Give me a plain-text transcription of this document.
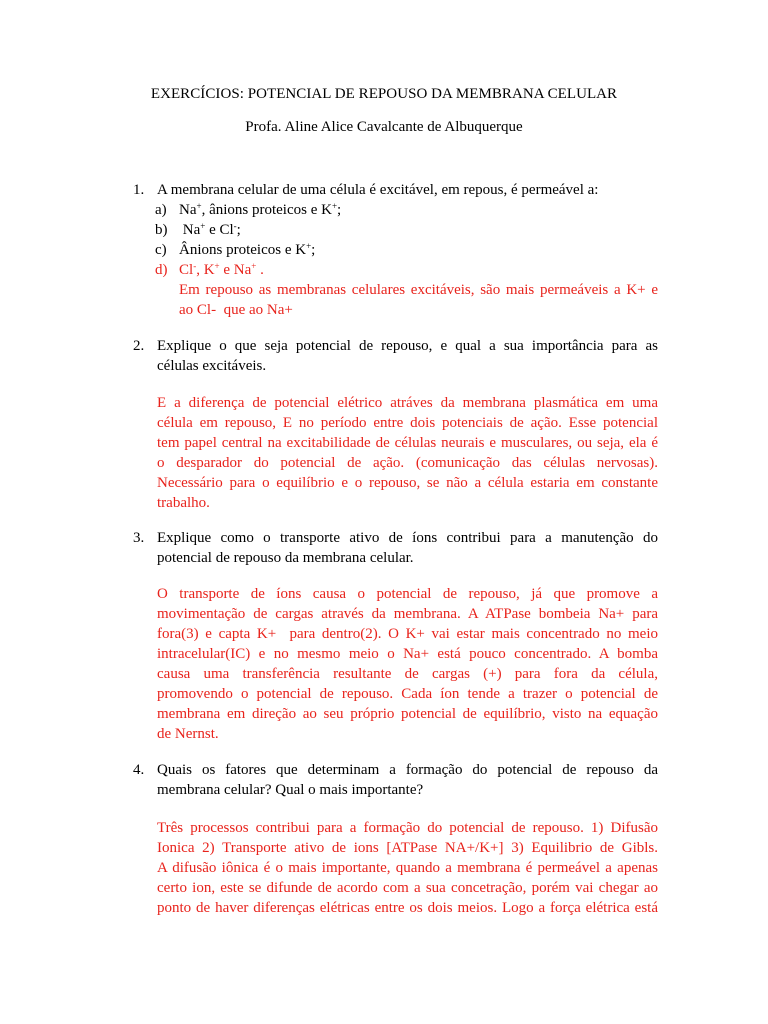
EXERCÍCIOS: POTENCIAL DE REPOUSO DA MEMBRANA CELULAR
Profa. Aline Alice Cavalcante de Albuquerque
1. A membrana celular de uma célula é excitável, em repous, é permeável a:
a) Na+, ânions proteicos e K+;
b) Na+ e Cl-;
c) Ânions proteicos e K+;
d) Cl-, K+ e Na+ .
Em repouso as membranas celulares excitáveis, são mais permeáveis a K+ e
ao Cl-  que ao Na+
2. Explique o que seja potencial de repouso, e qual a sua importância para as
células excitáveis.
E a diferença de potencial elétrico atráves da membrana plasmática em uma
célula em repouso, E no período entre dois potenciais de ação. Esse potencial
tem papel central na excitabilidade de células neurais e musculares, ou seja, ela é
o desparador do potencial de ação. (comunicação das células nervosas).
Necessário para o equilíbrio e o repouso, se não a célula estaria em constante
trabalho.
3. Explique como o transporte ativo de íons contribui para a manutenção do
potencial de repouso da membrana celular.
O transporte de íons causa o potencial de repouso, já que promove a
movimentação de cargas através da membrana. A ATPase bombeia Na+ para
fora(3) e capta K+  para dentro(2). O K+ vai estar mais concentrado no meio
intracelular(IC) e no mesmo meio o Na+ está pouco concentrado. A bomba
causa uma transferência resultante de cargas (+) para fora da célula,
promovendo o potencial de repouso. Cada íon tende a trazer o potencial de
membrana em direção ao seu próprio potencial de equilíbrio, visto na equação
de Nernst.
4. Quais os fatores que determinam a formação do potencial de repouso da
membrana celular? Qual o mais importante?
Três processos contribui para a formação do potencial de repouso. 1) Difusão
Ionica 2) Transporte ativo de ions [ATPase NA+/K+] 3) Equilibrio de Gibls.
A difusão iônica é o mais importante, quando a membrana é permeável a apenas
certo ion, este se difunde de acordo com a sua concetração, porém vai chegar ao
ponto de haver diferenças elétricas entre os dois meios. Logo a força elétrica está
